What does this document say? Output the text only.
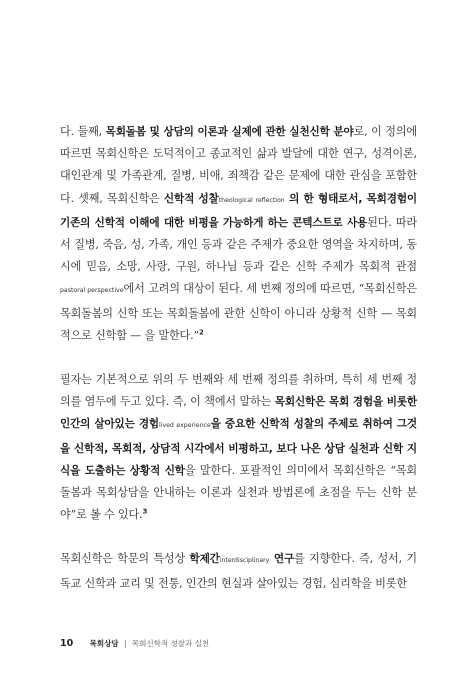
다. 둘째, 목회돌봄 및 상담의 이론과 실제에 관한 실천신학 분야로, 이 정의에 따르면 목회신학은 도덕적이고 종교적인 삶과 발달에 대한 연구, 성격이론, 대인관계 및 가족관계, 질병, 비애, 죄책감 같은 문제에 대한 관심을 포함한다. 셋째, 목회신학은 신학적 성찰theological reflection 의 한 형태로서, 목회경험이 기존의 신학적 이해에 대한 비평을 가능하게 하는 콘텍스트로 사용된다. 따라서 질병, 죽음, 성, 가족, 개인 등과 같은 주제가 중요한 영역을 차지하며, 동시에 믿음, 소망, 사랑, 구원, 하나님 등과 같은 신학 주제가 목회적 관점pastoral perspective에서 고려의 대상이 된다. 세 번째 정의에 따르면, “목회신학은 목회돌봄의 신학 또는 목회돌봄에 관한 신학이 아니라 상황적 신학 — 목회적으로 신학함 — 을 말한다.”$^2$

필자는 기본적으로 위의 두 번째와 세 번째 정의를 취하며, 특히 세 번째 정의를 염두에 두고 있다. 즉, 이 책에서 말하는 목회신학은 목회 경험을 비롯한 인간의 살아있는 경험lived experience을 중요한 신학적 성찰의 주제로 취하여 그것을 신학적, 목회적, 상담적 시각에서 비평하고, 보다 나은 상담 실천과 신학 지식을 도출하는 상황적 신학을 말한다. 포괄적인 의미에서 목회신학은 “목회돌봄과 목회상담을 안내하는 이론과 실천과 방법론에 초점을 두는 신학 분야”로 볼 수 있다.$^3$

목회신학은 학문의 특성상 학제간interdisciplinary 연구를 지향한다. 즉, 성서, 기독교 신학과 교리 및 전통, 인간의 현실과 살아있는 경험, 심리학을 비롯한

10 목회상담 | 목회신학적 성찰과 실천
